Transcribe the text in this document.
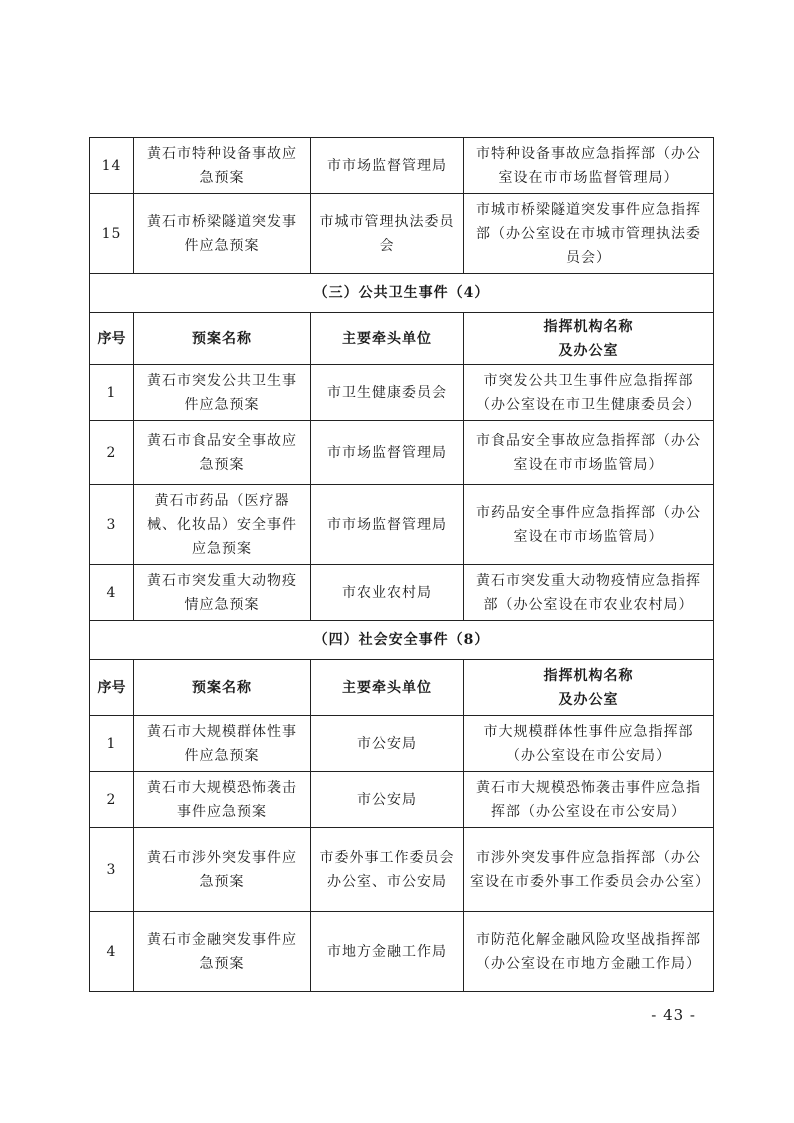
14	黄石市特种设备事故应急预案	市市场监督管理局	市特种设备事故应急指挥部（办公室设在市市场监督管理局）
15	黄石市桥梁隧道突发事件应急预案	市城市管理执法委员会	市城市桥梁隧道突发事件应急指挥部（办公室设在市城市管理执法委员会）
（三）公共卫生事件（4）			
序号	预案名称	主要牵头单位	指挥机构名称
及办公室

1	黄石市突发公共卫生事件应急预案	市卫生健康委员会	市突发公共卫生事件应急指挥部（办公室设在市卫生健康委员会）
2	黄石市食品安全事故应急预案	市市场监督管理局	市食品安全事故应急指挥部（办公室设在市市场监管局）
3	黄石市药品（医疗器械、化妆品）安全事件应急预案	市市场监督管理局	市药品安全事件应急指挥部（办公室设在市市场监管局）
4	黄石市突发重大动物疫情应急预案	市农业农村局	黄石市突发重大动物疫情应急指挥部（办公室设在市农业农村局）
（四）社会安全事件（8）			
序号	预案名称	主要牵头单位	指挥机构名称
及办公室

1	黄石市大规模群体性事件应急预案	市公安局	市大规模群体性事件应急指挥部（办公室设在市公安局）
2	黄石市大规模恐怖袭击事件应急预案	市公安局	黄石市大规模恐怖袭击事件应急指挥部（办公室设在市公安局）
3	黄石市涉外突发事件应急预案	市委外事工作委员会办公室、市公安局	市涉外突发事件应急指挥部（办公室设在市委外事工作委员会办公室）
4	黄石市金融突发事件应急预案	市地方金融工作局	市防范化解金融风险攻坚战指挥部（办公室设在市地方金融工作局）
- 43 -
